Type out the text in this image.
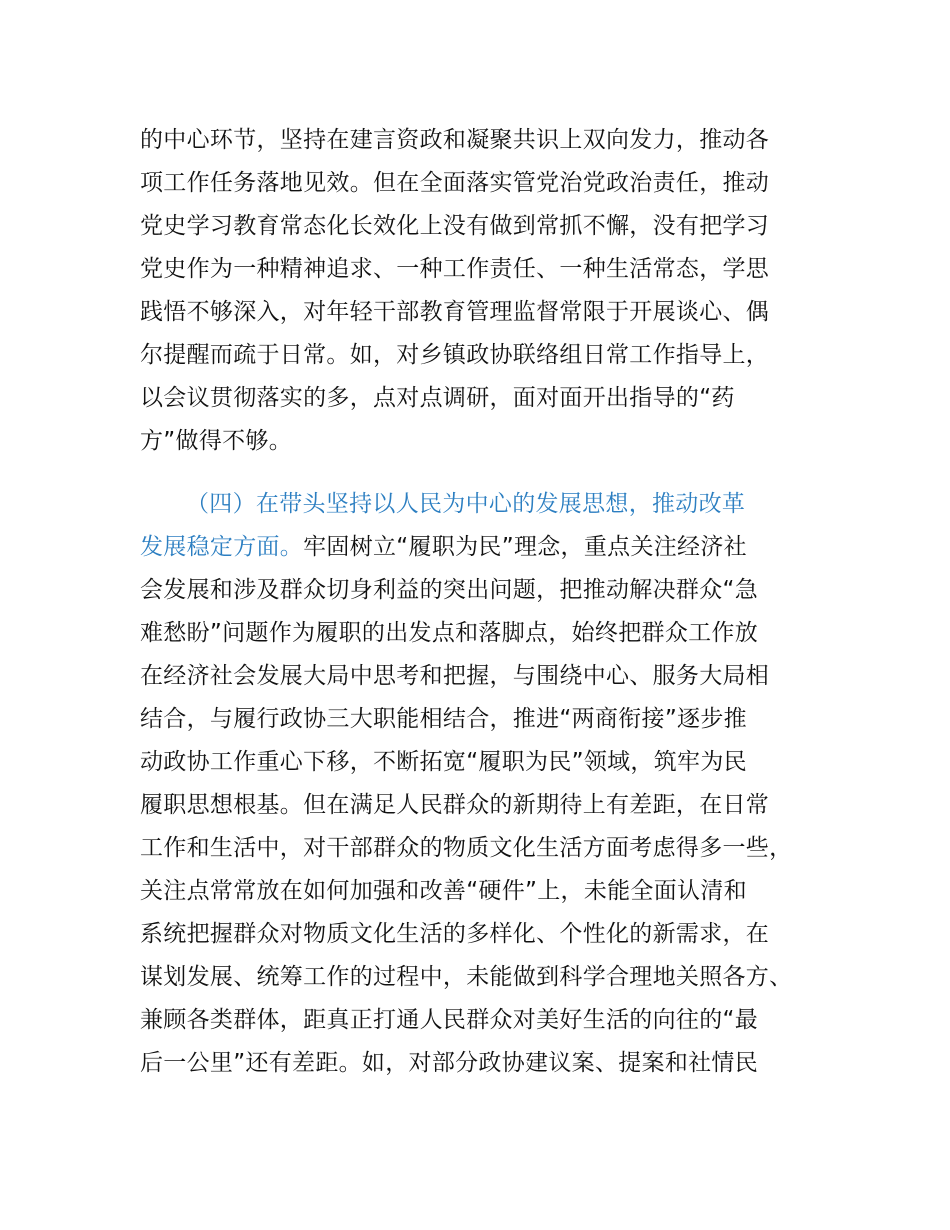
的中心环节，坚持在建言资政和凝聚共识上双向发力，推动各
项工作任务落地见效。但在全面落实管党治党政治责任，推动
党史学习教育常态化长效化上没有做到常抓不懈，没有把学习
党史作为一种精神追求、一种工作责任、一种生活常态，学思
践悟不够深入，对年轻干部教育管理监督常限于开展谈心、偶
尔提醒而疏于日常。如，对乡镇政协联络组日常工作指导上，
以会议贯彻落实的多，点对点调研，面对面开出指导的“药
方”做得不够。
（四）在带头坚持以人民为中心的发展思想，推动改革
发展稳定方面。牢固树立“履职为民”理念，重点关注经济社
会发展和涉及群众切身利益的突出问题，把推动解决群众“急
难愁盼”问题作为履职的出发点和落脚点，始终把群众工作放
在经济社会发展大局中思考和把握，与围绕中心、服务大局相
结合，与履行政协三大职能相结合，推进“两商衔接”逐步推
动政协工作重心下移，不断拓宽“履职为民”领域，筑牢为民
履职思想根基。但在满足人民群众的新期待上有差距，在日常
工作和生活中，对干部群众的物质文化生活方面考虑得多一些，
关注点常常放在如何加强和改善“硬件”上，未能全面认清和
系统把握群众对物质文化生活的多样化、个性化的新需求，在
谋划发展、统筹工作的过程中，未能做到科学合理地关照各方、
兼顾各类群体，距真正打通人民群众对美好生活的向往的“最
后一公里”还有差距。如，对部分政协建议案、提案和社情民
